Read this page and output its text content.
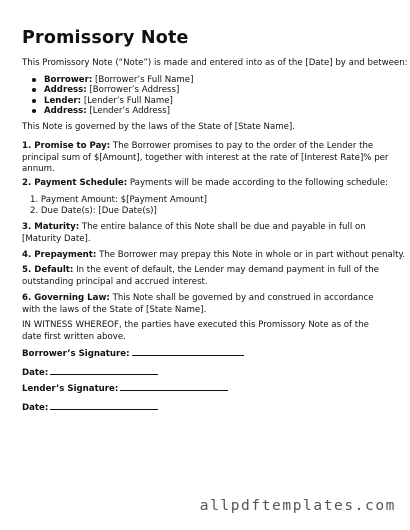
Promissory Note

This Promissory Note (“Note”) is made and entered into as of the [Date] by and between:

Borrower: [Borrower’s Full Name]
Address: [Borrower’s Address]
Lender: [Lender’s Full Name]
Address: [Lender’s Address]

This Note is governed by the laws of the State of [State Name].

1. Promise to Pay: The Borrower promises to pay to the order of the Lender the principal sum of $[Amount], together with interest at the rate of [Interest Rate]% per annum.

2. Payment Schedule: Payments will be made according to the following schedule:

1. Payment Amount: $[Payment Amount]
2. Due Date(s): [Due Date(s)]

3. Maturity: The entire balance of this Note shall be due and payable in full on [Maturity Date].

4. Prepayment: The Borrower may prepay this Note in whole or in part without penalty.

5. Default: In the event of default, the Lender may demand payment in full of the outstanding principal and accrued interest.

6. Governing Law: This Note shall be governed by and construed in accordance with the laws of the State of [State Name].

IN WITNESS WHEREOF, the parties have executed this Promissory Note as of the date first written above.

Borrower’s Signature:
Date:
Lender’s Signature:
Date:
allpdftemplates.com
